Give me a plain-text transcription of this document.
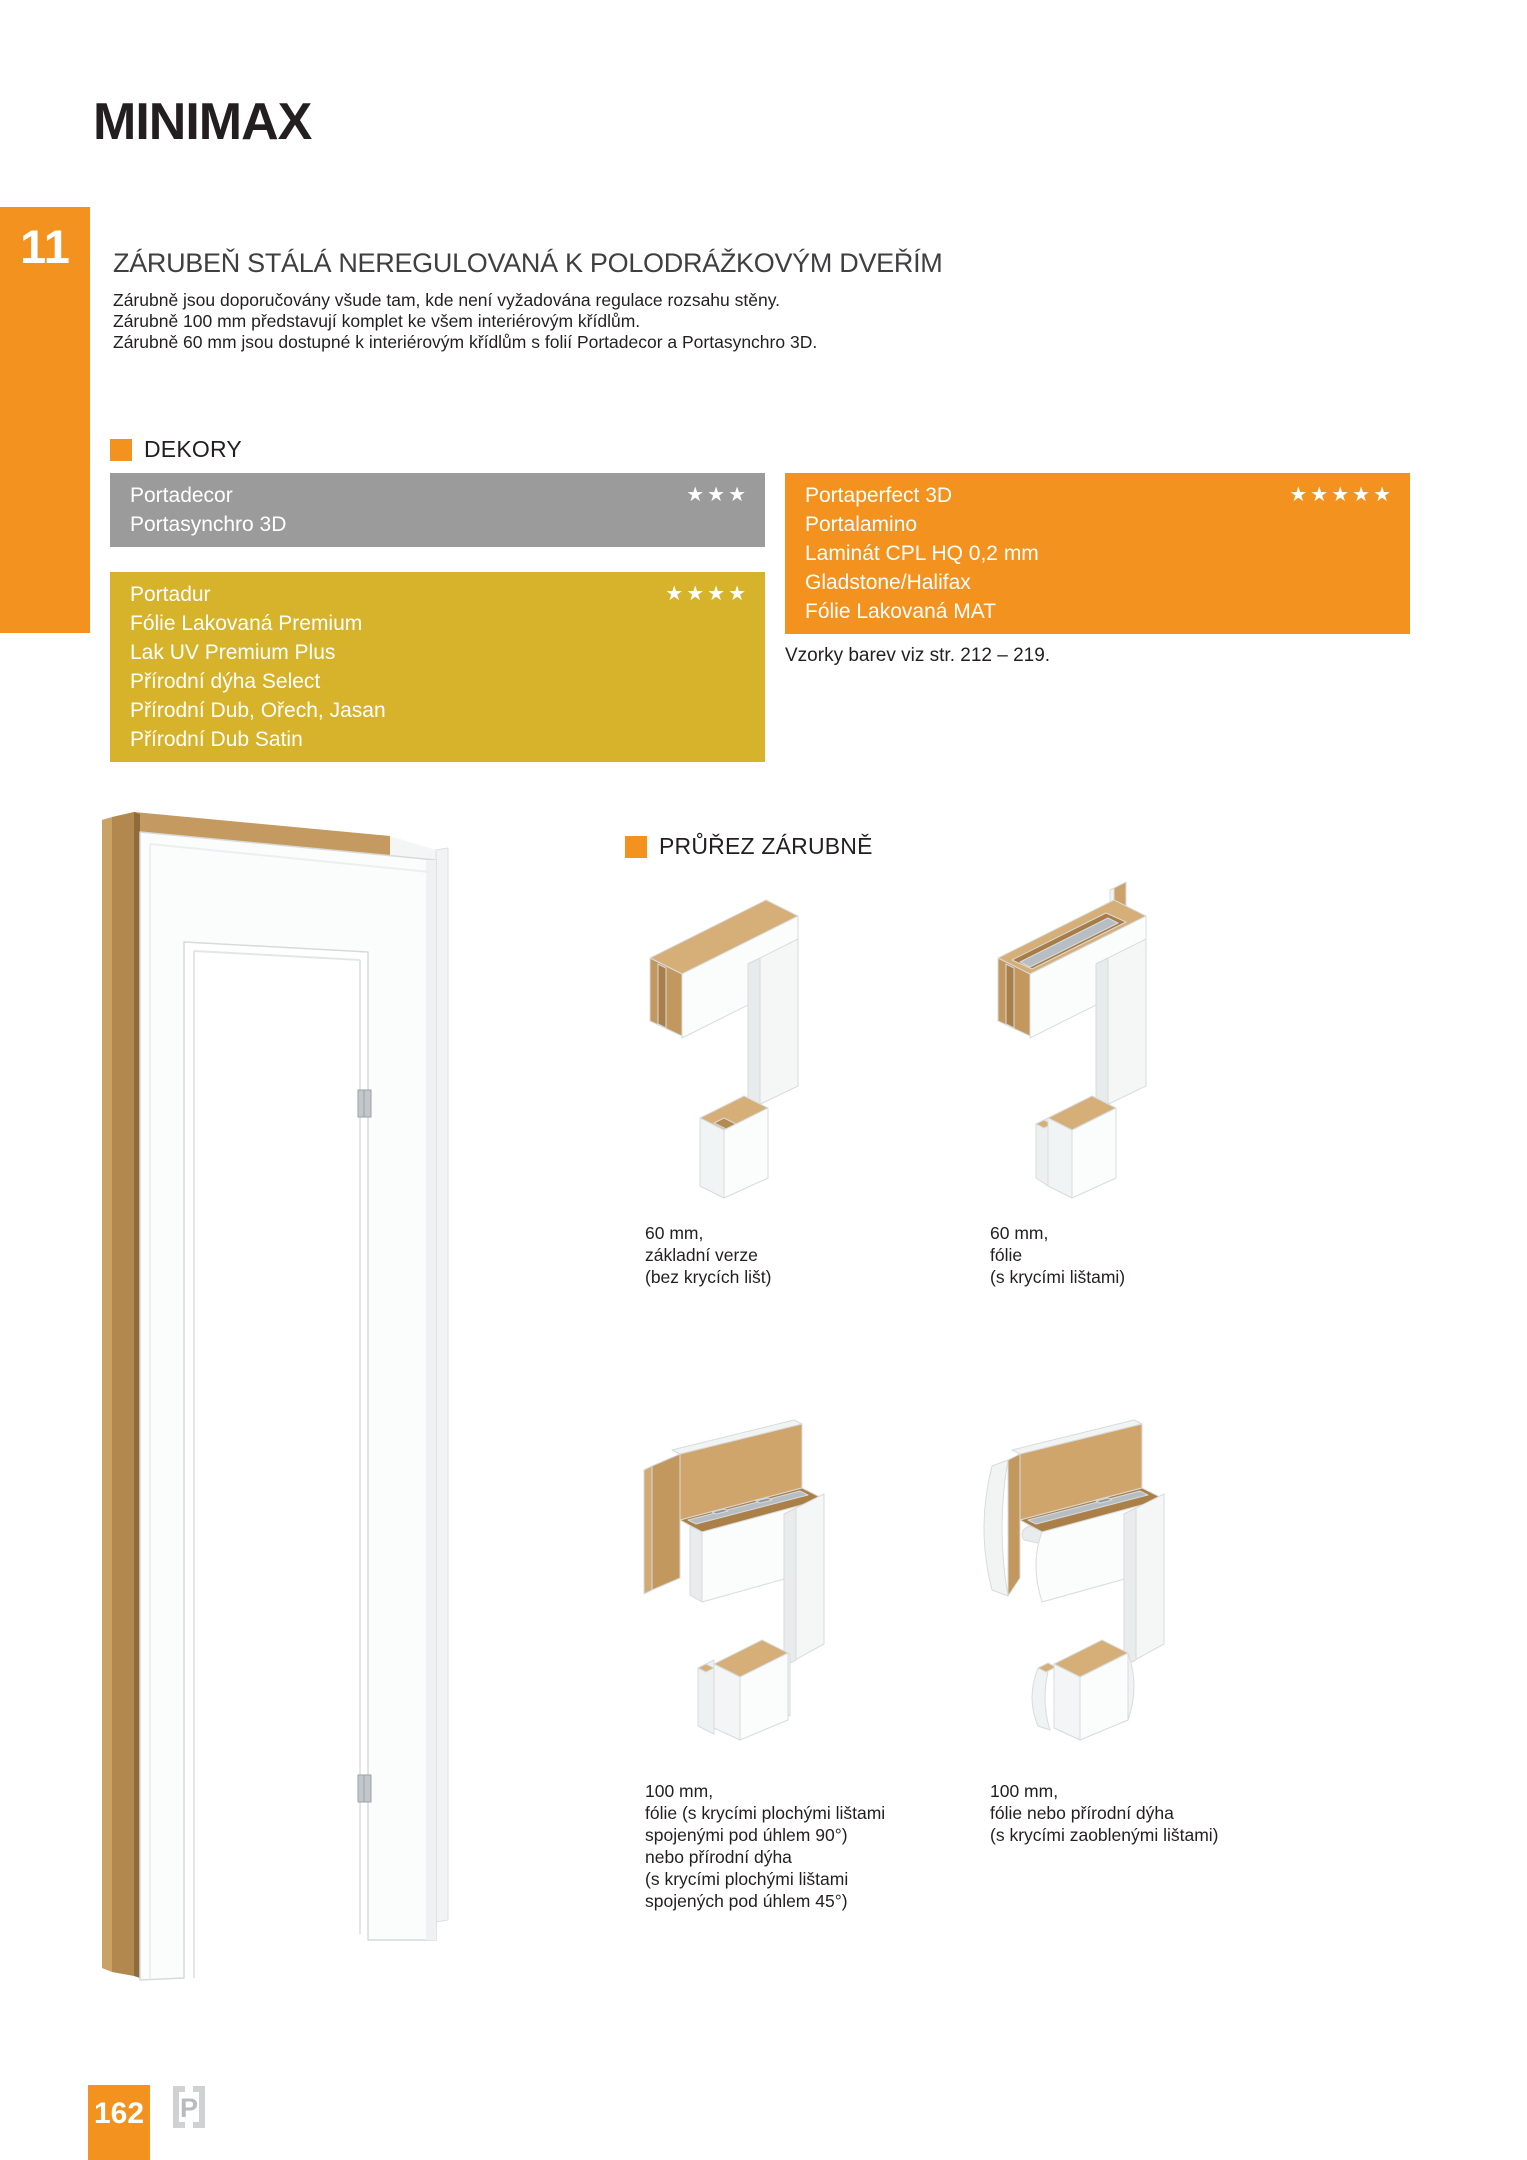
MINIMAX
11	ZÁRUBEŇ STÁLÁ NEREGULOVANÁ K POLODRÁŽKOVÝM DVEŘÍM
Zárubně jsou doporučovány všude tam, kde není vyžadována regulace rozsahu stěny.
Zárubně 100 mm představují komplet ke všem interiérovým křídlům.
Zárubně 60 mm jsou dostupné k interiérovým křídlům s folií Portadecor a Portasynchro 3D.
DEKORY
★★★
Portadecor
Portasynchro 3D
★★★★
Portadur
Fólie Lakovaná Premium
Lak UV Premium Plus
Přírodní dýha Select
Přírodní Dub, Ořech, Jasan
Přírodní Dub Satin
★★★★★
Portaperfect 3D
Portalamino
Laminát CPL HQ 0,2 mm
Gladstone/Halifax
Fólie Lakovaná MAT
Vzorky barev viz str. 212 – 219.
PRŮŘEZ ZÁRUBNĚ
60 mm,
základní verze
(bez krycích lišt)
60 mm,
fólie
(s krycími lištami)
100 mm,
fólie (s krycími plochými lištami
spojenými pod úhlem 90°)
nebo přírodní dýha
(s krycími plochými lištami
spojených pod úhlem 45°)
100 mm,
fólie nebo přírodní dýha
(s krycími zaoblenými lištami)
162 P
